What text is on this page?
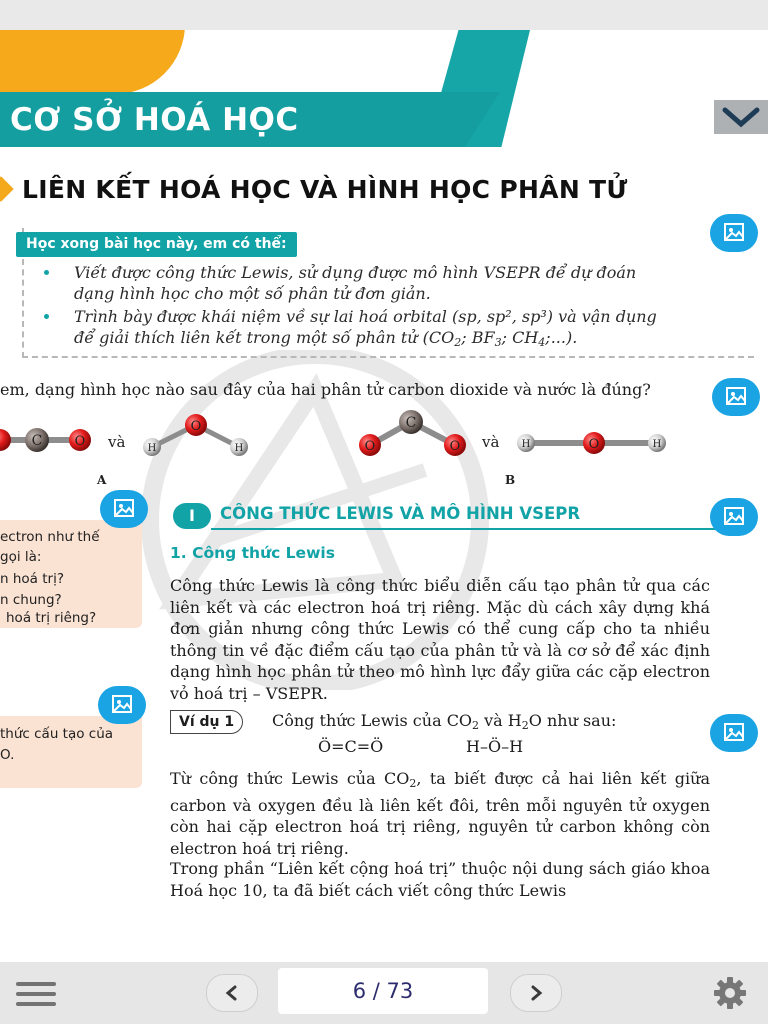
CƠ SỞ HOÁ HỌC
LIÊN KẾT HOÁ HỌC VÀ HÌNH HỌC PHÂN TỬ
Học xong bài học này, em có thể:
Viết được công thức Lewis, sử dụng được mô hình VSEPR để dự đoán
dạng hình học cho một số phân tử đơn giản.
Trình bày được khái niệm về sự lai hoá orbital (sp, sp², sp³) và vận dụng
để giải thích liên kết trong một số phân tử ($CO_2$; $BF_3$; $CH_4$;...).
em, dạng hình học nào sau đây của hai phân tử carbon dioxide và nước là đúng?
C O và
O
H	H
A
C
O	O và H	O	H
B
ectron như thế
gọi là:
n hoá trị?
n chung?
hoá trị riêng?
thức cấu tạo của
O.
I	CÔNG THỨC LEWIS VÀ MÔ HÌNH VSEPR
1. Công thức Lewis

Công thức Lewis là công thức biểu diễn cấu tạo phân tử qua các liên kết và các electron hoá trị riêng. Mặc dù cách xây dựng khá đơn giản nhưng công thức Lewis có thể cung cấp cho ta nhiều thông tin về đặc điểm cấu tạo của phân tử và là cơ sở để xác định dạng hình học phân tử theo mô hình lực đẩy giữa các cặp electron vỏ hoá trị – VSEPR.

Ví dụ 1	Công thức Lewis của $CO_2$ và $H_2O$ như sau:
Ö=C=Ö	H–Ö–H

Từ công thức Lewis của $CO_2$, ta biết được cả hai liên kết giữa carbon và oxygen đều là liên kết đôi, trên mỗi nguyên tử oxygen còn hai cặp electron hoá trị riêng, nguyên tử carbon không còn electron hoá trị riêng.

Trong phần “Liên kết cộng hoá trị” thuộc nội dung sách giáo khoa Hoá học 10, ta đã biết cách viết công thức Lewis

6 / 73
